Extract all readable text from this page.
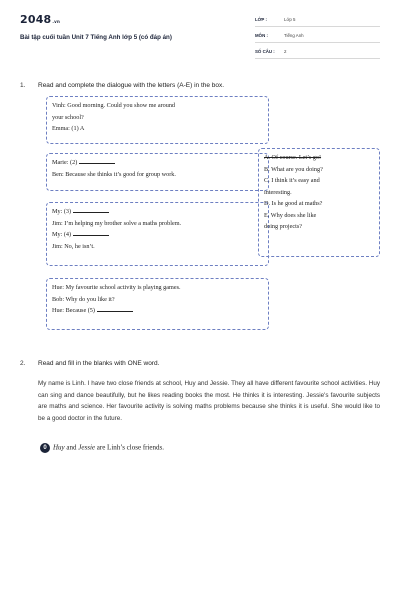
2048.vn
Bài tập cuối tuần Unit 7 Tiếng Anh lớp 5 (có đáp án)
LỚP :	Lớp 5
MÔN :	Tiếng Anh
SỐ CÂU : 2
1. Read and complete the dialogue with the letters (A-E) in the box.
Vinh: Good morning. Could you show me around
your school?
Emma: (1) A
Marie: (2)
Ben: Because she thinks it’s good for group work.
My: (3)
Jim: I’m helping my brother solve a maths problem.
My: (4)
Jim: No, he isn’t.
Hue: My favourite school activity is playing games.
Bob: Why do you like it?
Hue: Because (5)
A. Of course. Let’s go!
B. What are you doing?
C. I think it’s easy and
interesting.
D. Is he good at maths?
E. Why does she like
doing projects?
2. Read and fill in the blanks with ONE word.
My name is Linh. I have two close friends at school, Huy and Jessie. They all have different favourite school activities. Huy can sing and dance beautifully, but he likes reading books the most. He thinks it is interesting. Jessie's favourite subjects are maths and science. Her favourite activity is solving maths problems because she thinks it is useful. She would like to be a good doctor in the future.
0 Huy and Jessie are Linh’s close friends.
